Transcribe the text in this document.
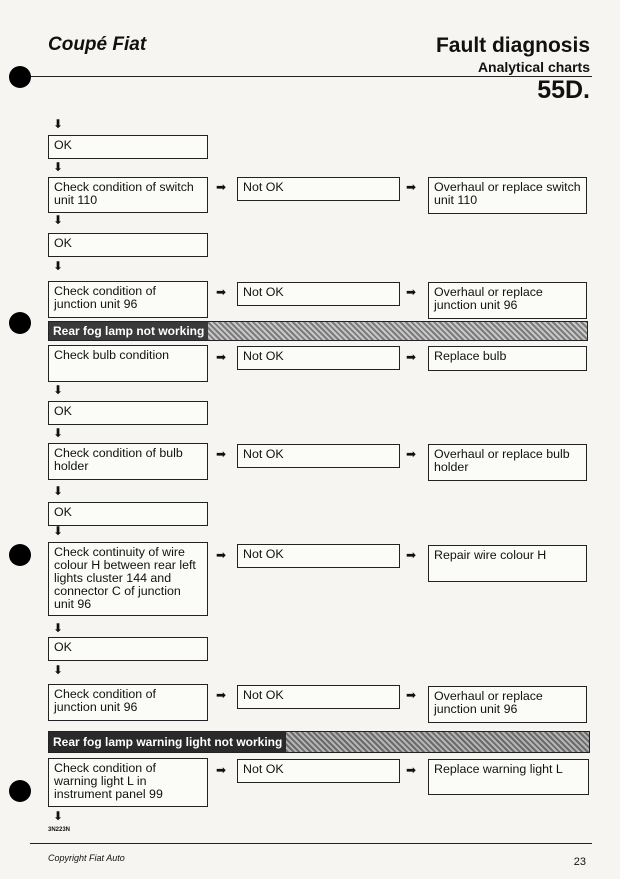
Coupé Fiat	Fault diagnosis
Analytical charts
55D.
⬇
OK
⬇
Check condition of switch unit 110
➡	Not OK	➡	Overhaul or replace switch unit 110
⬇
OK
⬇
Check condition of junction unit 96
➡	Not OK	➡	Overhaul or replace junction unit 96
Rear fog lamp not working
Check bulb condition	➡	Not OK	➡	Replace bulb
⬇
OK
⬇
Check condition of bulb holder
➡	Not OK	➡	Overhaul or replace bulb holder
⬇
OK
⬇
Check continuity of wire colour H between rear left lights cluster 144 and connector C of junction unit 96
➡	Not OK	➡	Repair wire colour H
⬇
OK
⬇
Check condition of junction unit 96
➡	Not OK	➡	Overhaul or replace junction unit 96
Rear fog lamp warning light not working
Check condition of warning light L in instrument panel 99
➡	Not OK	➡	Replace warning light L
⬇
3N223N
Copyright Fiat Auto	23
